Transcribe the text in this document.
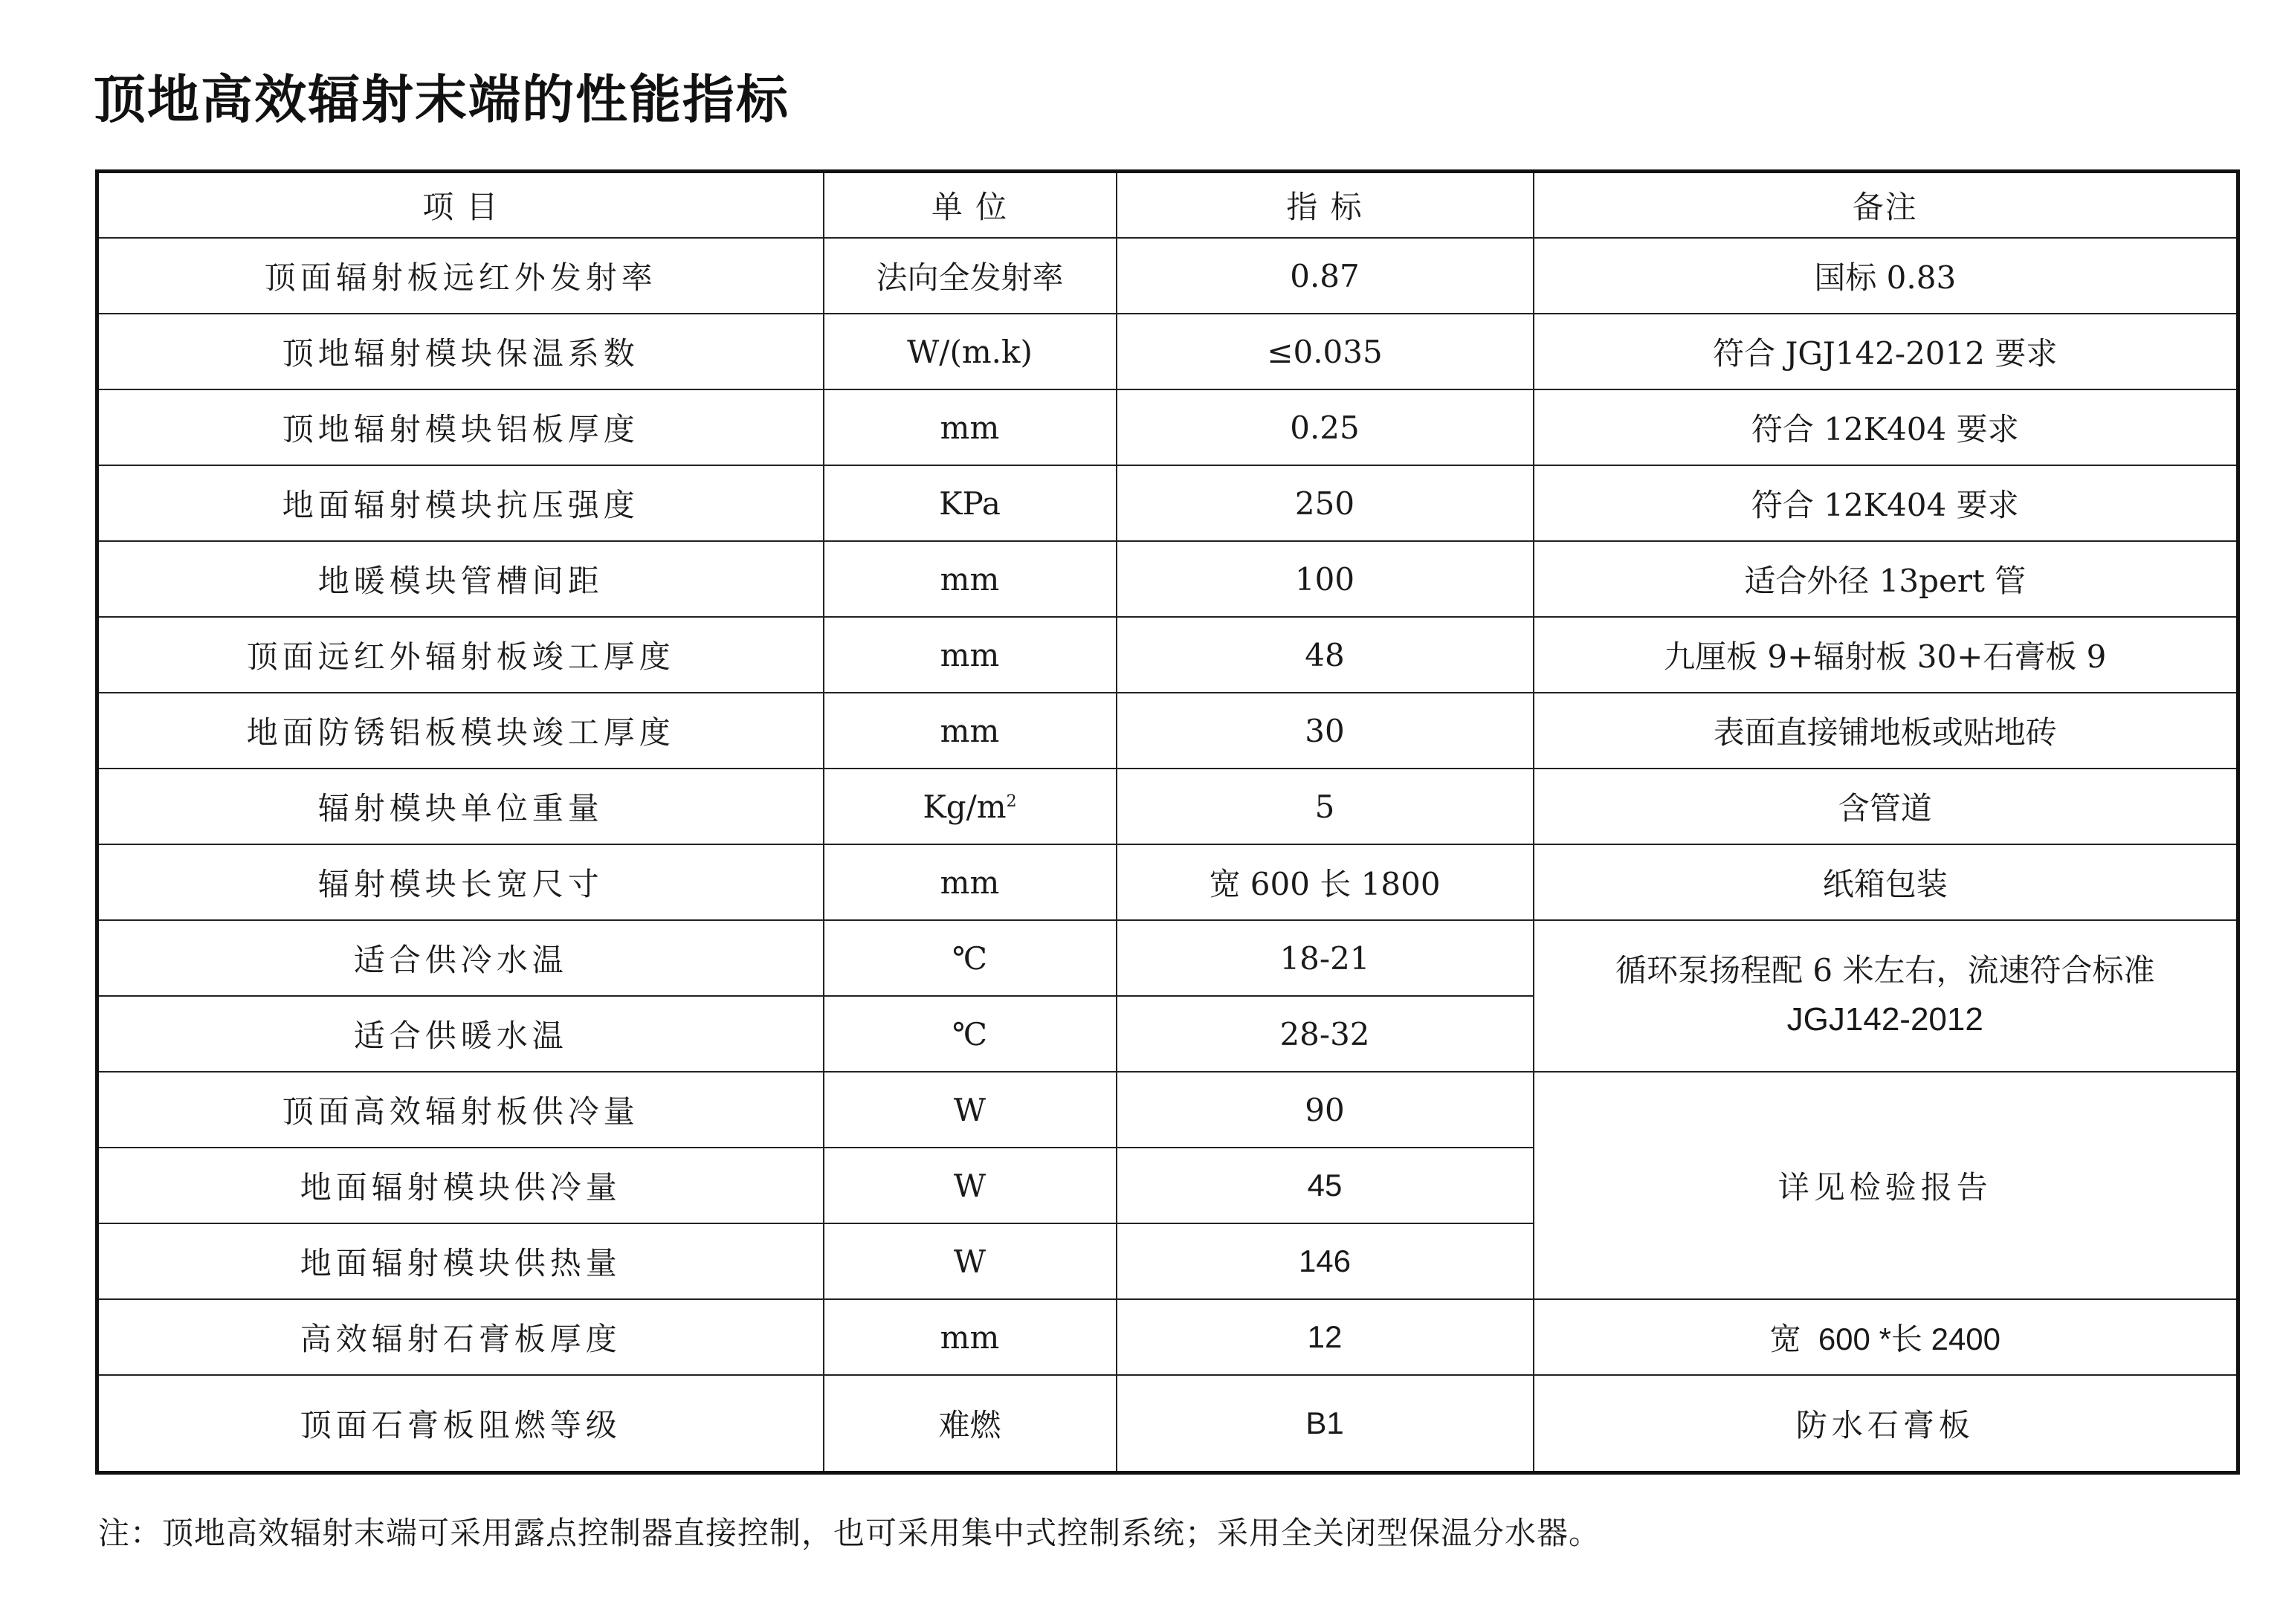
顶地高效辐射末端的性能指标
项 目	单 位	指 标	备注
顶面辐射板远红外发射率	法向全发射率	0.87	国标 0.83
顶地辐射模块保温系数	W/(m.k)	≤0.035	符合 JGJ142-2012 要求
顶地辐射模块铝板厚度	mm	0.25	符合 12K404 要求
地面辐射模块抗压强度	KPa	250	符合 12K404 要求
地暖模块管槽间距	mm	100	适合外径 13pert 管
顶面远红外辐射板竣工厚度	mm	48	九厘板 9+辐射板 30+石膏板 9
地面防锈铝板模块竣工厚度	mm	30	表面直接铺地板或贴地砖
辐射模块单位重量	$Kg/m^2$	5	含管道
辐射模块长宽尺寸	mm	宽 600 长 1800	纸箱包装
适合供冷水温	℃	18-21	循环泵扬程配 6 米左右，流速符合标准
JGJ142-2012

适合供暖水温	℃	28-32	
顶面高效辐射板供冷量	W	90	详见检验报告
地面辐射模块供冷量	W	45	
地面辐射模块供热量	W	146	
高效辐射石膏板厚度	mm	12	宽  600 *长 2400
顶面石膏板阻燃等级	难燃	B1	防水石膏板

注：顶地高效辐射末端可采用露点控制器直接控制，也可采用集中式控制系统；采用全关闭型保温分水器。
